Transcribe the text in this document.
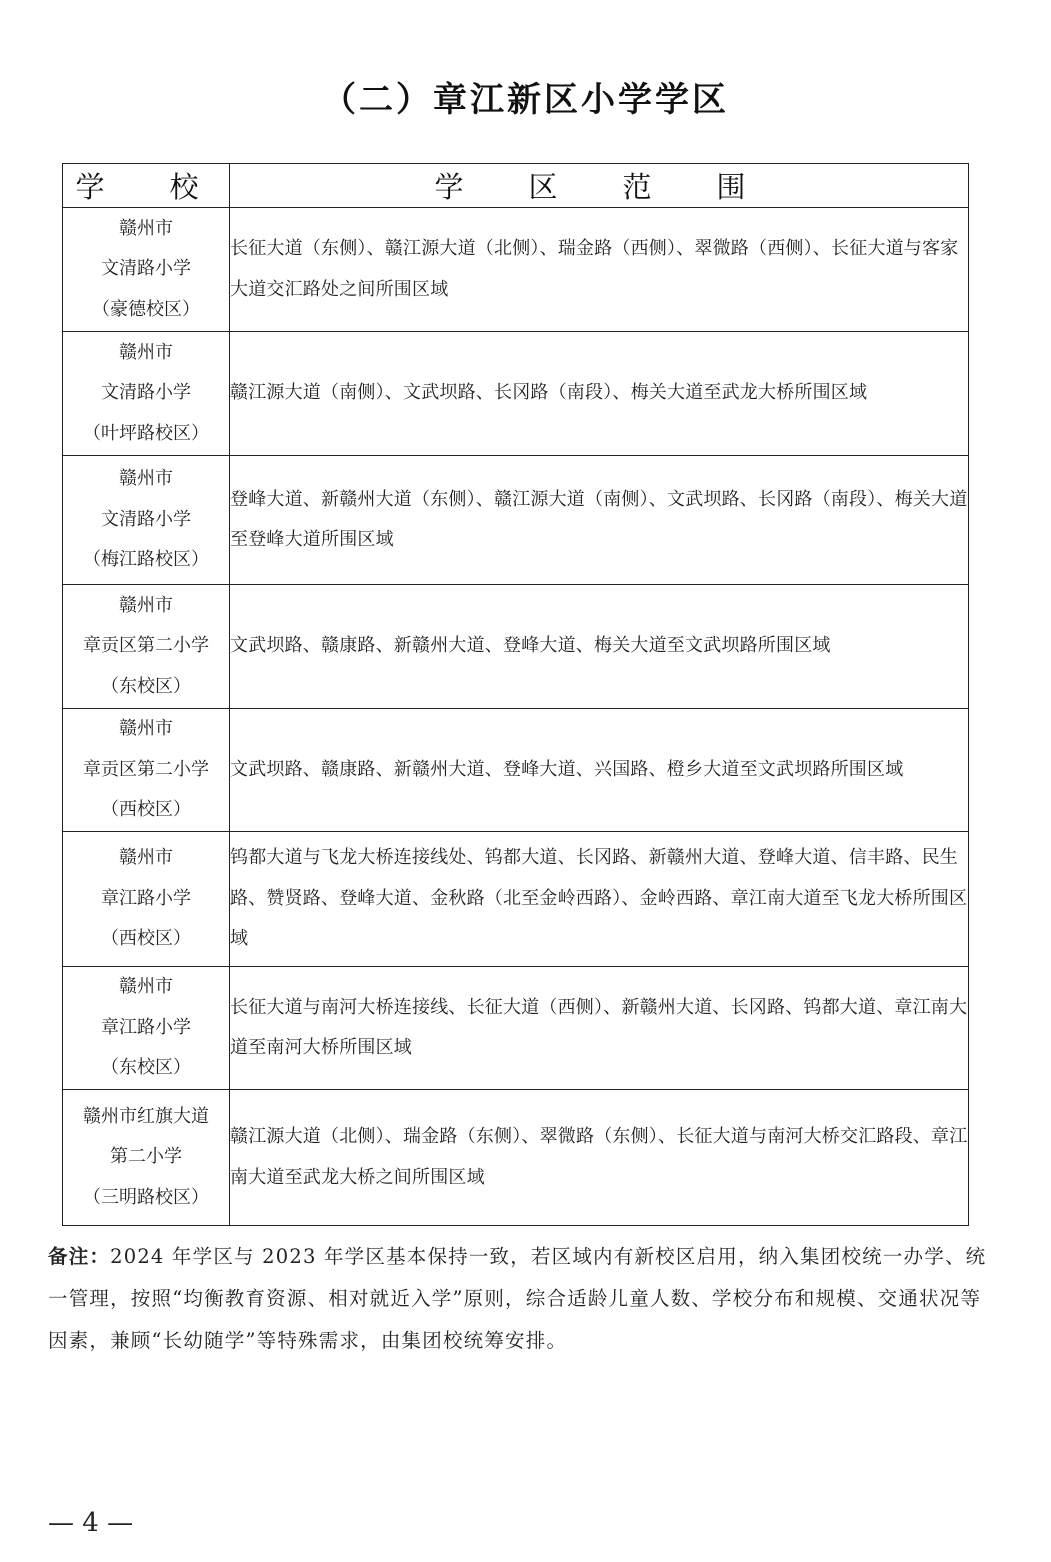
（二）章江新区小学学区
学　校	学　区　范　围

赣州市
文清路小学
（豪德校区）	长征大道（东侧）、赣江源大道（北侧）、瑞金路（西侧）、翠微路（西侧）、长征大道与客家大道交汇路处之间所围区域

赣州市
文清路小学
（叶坪路校区）	赣江源大道（南侧）、文武坝路、长冈路（南段）、梅关大道至武龙大桥所围区域

赣州市
文清路小学
（梅江路校区）	登峰大道、新赣州大道（东侧）、赣江源大道（南侧）、文武坝路、长冈路（南段）、梅关大道至登峰大道所围区域

赣州市
章贡区第二小学
（东校区）	文武坝路、赣康路、新赣州大道、登峰大道、梅关大道至文武坝路所围区域

赣州市
章贡区第二小学
（西校区）	文武坝路、赣康路、新赣州大道、登峰大道、兴国路、橙乡大道至文武坝路所围区域

赣州市
章江路小学
（西校区）	钨都大道与飞龙大桥连接线处、钨都大道、长冈路、新赣州大道、登峰大道、信丰路、民生路、赞贤路、登峰大道、金秋路（北至金岭西路）、金岭西路、章江南大道至飞龙大桥所围区域

赣州市
章江路小学
（东校区）	长征大道与南河大桥连接线、长征大道（西侧）、新赣州大道、长冈路、钨都大道、章江南大道至南河大桥所围区域

赣州市红旗大道
第二小学
（三明路校区）	赣江源大道（北侧）、瑞金路（东侧）、翠微路（东侧）、长征大道与南河大桥交汇路段、章江南大道至武龙大桥之间所围区域
备注：2024 年学区与 2023 年学区基本保持一致，若区域内有新校区启用，纳入集团校统一办学、统一管理，按照“均衡教育资源、相对就近入学”原则，综合适龄儿童人数、学校分布和规模、交通状况等因素，兼顾“长幼随学”等特殊需求，由集团校统筹安排。
— 4 —
